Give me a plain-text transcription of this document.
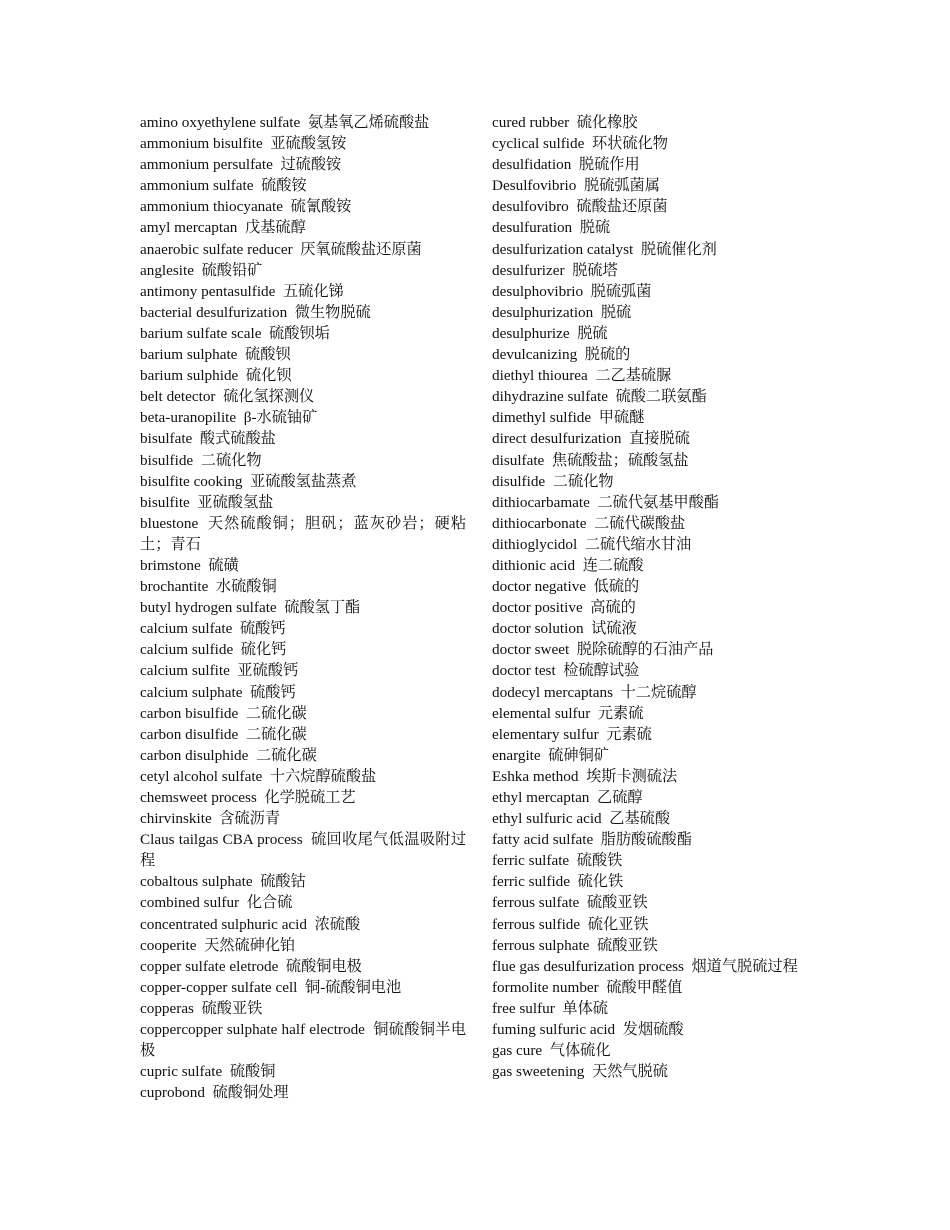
amino oxyethylene sulfate 氨基氧乙烯硫酸盐

ammonium bisulfite 亚硫酸氢铵

ammonium persulfate 过硫酸铵

ammonium sulfate 硫酸铵

ammonium thiocyanate 硫氰酸铵

amyl mercaptan 戊基硫醇

anaerobic sulfate reducer 厌氧硫酸盐还原菌

anglesite 硫酸铅矿

antimony pentasulfide 五硫化锑

bacterial desulfurization 微生物脱硫

barium sulfate scale 硫酸钡垢

barium sulphate 硫酸钡

barium sulphide 硫化钡

belt detector 硫化氢探测仪

beta-uranopilite β-水硫铀矿

bisulfate 酸式硫酸盐

bisulfide 二硫化物

bisulfite cooking 亚硫酸氢盐蒸煮

bisulfite 亚硫酸氢盐

bluestone 天然硫酸铜；胆矾；蓝灰砂岩；硬粘土；青石

brimstone 硫磺

brochantite 水硫酸铜

butyl hydrogen sulfate 硫酸氢丁酯

calcium sulfate 硫酸钙

calcium sulfide 硫化钙

calcium sulfite 亚硫酸钙

calcium sulphate 硫酸钙

carbon bisulfide 二硫化碳

carbon disulfide 二硫化碳

carbon disulphide 二硫化碳

cetyl alcohol sulfate 十六烷醇硫酸盐

chemsweet process 化学脱硫工艺

chirvinskite 含硫沥青

Claus tailgas CBA process 硫回收尾气低温吸附过程

cobaltous sulphate 硫酸钴

combined sulfur 化合硫

concentrated sulphuric acid 浓硫酸

cooperite 天然硫砷化铂

copper sulfate eletrode 硫酸铜电极

copper-copper sulfate cell 铜-硫酸铜电池

copperas 硫酸亚铁

coppercopper sulphate half electrode 铜硫酸铜半电极

cupric sulfate 硫酸铜

cuprobond 硫酸铜处理

cured rubber 硫化橡胶

cyclical sulfide 环状硫化物

desulfidation 脱硫作用

Desulfovibrio 脱硫弧菌属

desulfovibro 硫酸盐还原菌

desulfuration 脱硫

desulfurization catalyst 脱硫催化剂

desulfurizer 脱硫塔

desulphovibrio 脱硫弧菌

desulphurization 脱硫

desulphurize 脱硫

devulcanizing 脱硫的

diethyl thiourea 二乙基硫脲

dihydrazine sulfate 硫酸二联氨酯

dimethyl sulfide 甲硫醚

direct desulfurization 直接脱硫

disulfate 焦硫酸盐；硫酸氢盐

disulfide 二硫化物

dithiocarbamate 二硫代氨基甲酸酯

dithiocarbonate 二硫代碳酸盐

dithioglycidol 二硫代缩水甘油

dithionic acid 连二硫酸

doctor negative 低硫的

doctor positive 高硫的

doctor solution 试硫液

doctor sweet 脱除硫醇的石油产品

doctor test 检硫醇试验

dodecyl mercaptans 十二烷硫醇

elemental sulfur 元素硫

elementary sulfur 元素硫

enargite 硫砷铜矿

Eshka method 埃斯卡测硫法

ethyl mercaptan 乙硫醇

ethyl sulfuric acid 乙基硫酸

fatty acid sulfate 脂肪酸硫酸酯

ferric sulfate 硫酸铁

ferric sulfide 硫化铁

ferrous sulfate 硫酸亚铁

ferrous sulfide 硫化亚铁

ferrous sulphate 硫酸亚铁

flue gas desulfurization process 烟道气脱硫过程

formolite number 硫酸甲醛值

free sulfur 单体硫

fuming sulfuric acid 发烟硫酸

gas cure 气体硫化

gas sweetening 天然气脱硫
